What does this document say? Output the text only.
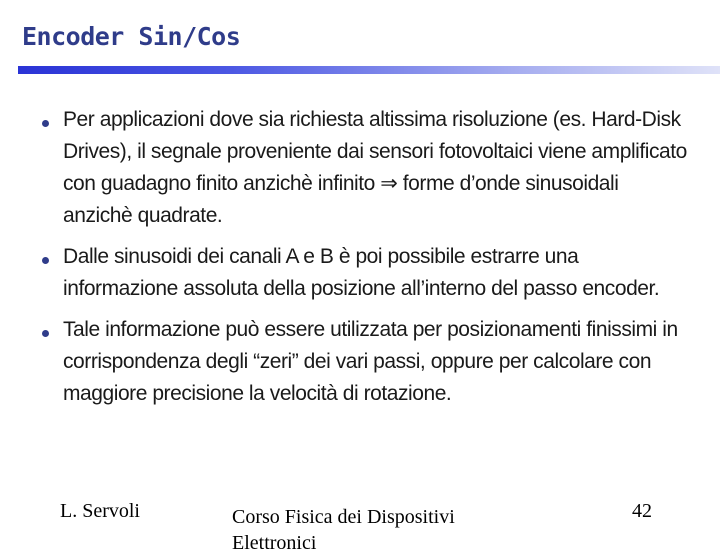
Encoder Sin/Cos
Per applicazioni dove sia richiesta altissima risoluzione (es. Hard-Disk Drives), il segnale proveniente dai sensori fotovoltaici viene amplificato con guadagno finito anzichè infinito ⇒ forme d’onde sinusoidali anzichè quadrate.
Dalle sinusoidi dei canali A e B è poi possibile estrarre una informazione assoluta della posizione all’interno del passo encoder.
Tale informazione può essere utilizzata per posizionamenti finissimi in corrispondenza degli “zeri” dei vari passi, oppure per calcolare con maggiore precisione la velocità di rotazione.
L. Servoli	Corso Fisica dei Dispositivi Elettronici
42
